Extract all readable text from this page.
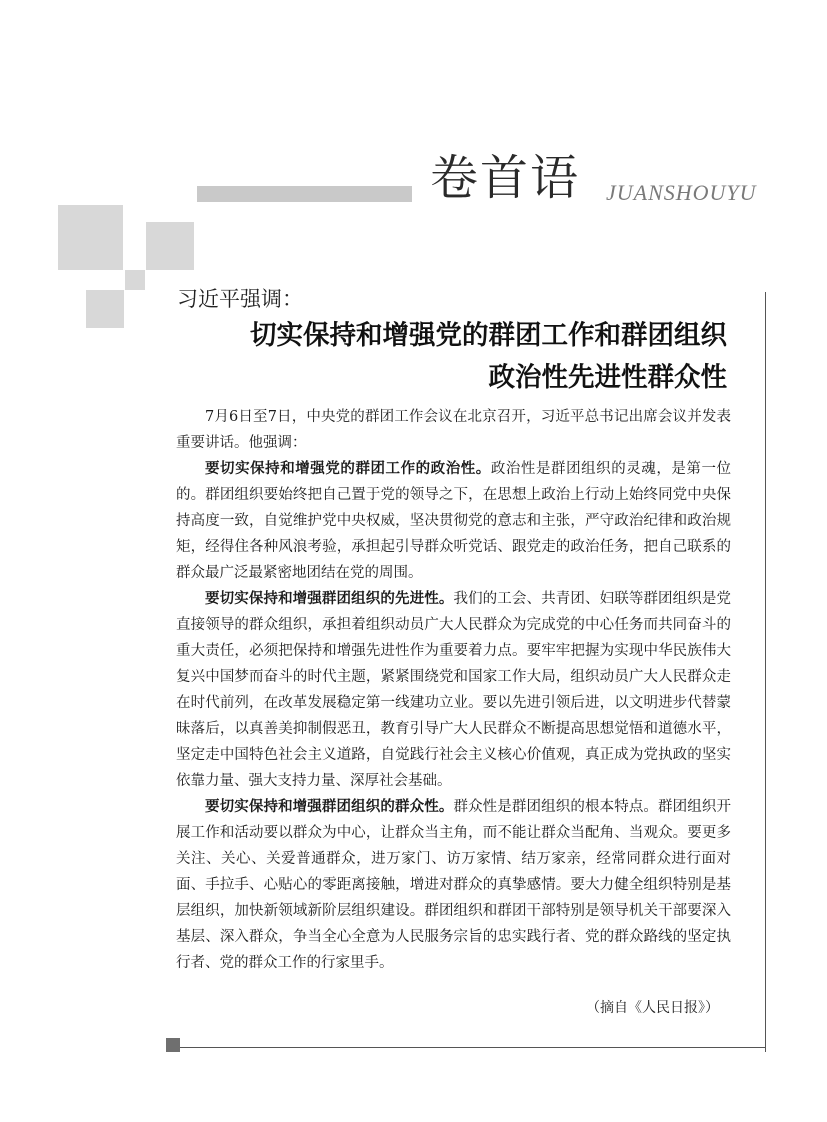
卷首语 JUANSHOUYU
习近平强调：
切实保持和增强党的群团工作和群团组织
政治性先进性群众性

7月6日至7日，中央党的群团工作会议在北京召开，习近平总书记出席会议并发表重要讲话。他强调：

要切实保持和增强党的群团工作的政治性。政治性是群团组织的灵魂，是第一位的。群团组织要始终把自己置于党的领导之下，在思想上政治上行动上始终同党中央保持高度一致，自觉维护党中央权威，坚决贯彻党的意志和主张，严守政治纪律和政治规矩，经得住各种风浪考验，承担起引导群众听党话、跟党走的政治任务，把自己联系的群众最广泛最紧密地团结在党的周围。

要切实保持和增强群团组织的先进性。我们的工会、共青团、妇联等群团组织是党直接领导的群众组织，承担着组织动员广大人民群众为完成党的中心任务而共同奋斗的重大责任，必须把保持和增强先进性作为重要着力点。要牢牢把握为实现中华民族伟大复兴中国梦而奋斗的时代主题，紧紧围绕党和国家工作大局，组织动员广大人民群众走在时代前列，在改革发展稳定第一线建功立业。要以先进引领后进，以文明进步代替蒙昧落后，以真善美抑制假恶丑，教育引导广大人民群众不断提高思想觉悟和道德水平，坚定走中国特色社会主义道路，自觉践行社会主义核心价值观，真正成为党执政的坚实依靠力量、强大支持力量、深厚社会基础。

要切实保持和增强群团组织的群众性。群众性是群团组织的根本特点。群团组织开展工作和活动要以群众为中心，让群众当主角，而不能让群众当配角、当观众。要更多关注、关心、关爱普通群众，进万家门、访万家情、结万家亲，经常同群众进行面对面、手拉手、心贴心的零距离接触，增进对群众的真挚感情。要大力健全组织特别是基层组织，加快新领域新阶层组织建设。群团组织和群团干部特别是领导机关干部要深入基层、深入群众，争当全心全意为人民服务宗旨的忠实践行者、党的群众路线的坚定执行者、党的群众工作的行家里手。

（摘自《人民日报》）
